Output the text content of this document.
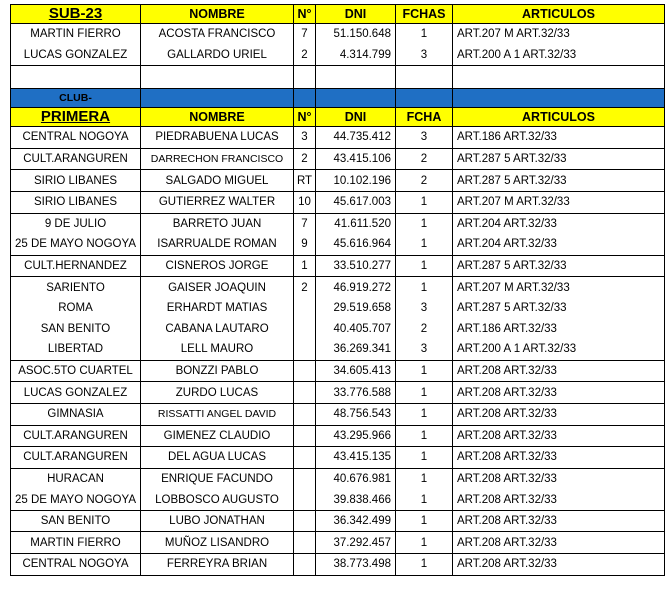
SUB-23	NOMBRE	N°	DNI	FCHAS	ARTICULOS
MARTIN FIERRO	ACOSTA FRANCISCO	7	51.150.648	1	ART.207 M ART.32/33
LUCAS GONZALEZ	GALLARDO URIEL	2	4.314.799	3	ART.200 A 1 ART.32/33

CLUB-					
PRIMERA	NOMBRE	N°	DNI	FCHA	ARTICULOS
CENTRAL NOGOYA	PIEDRABUENA LUCAS	3	44.735.412	3	ART.186 ART.32/33
CULT.ARANGUREN	DARRECHON FRANCISCO	2	43.415.106	2	ART.287 5 ART.32/33
SIRIO LIBANES	SALGADO MIGUEL	RT	10.102.196	2	ART.287 5 ART.32/33
SIRIO LIBANES	GUTIERREZ WALTER	10	45.617.003	1	ART.207 M ART.32/33
9 DE JULIO	BARRETO JUAN	7	41.611.520	1	ART.204 ART.32/33
25 DE MAYO NOGOYA	ISARRUALDE ROMAN	9	45.616.964	1	ART.204 ART.32/33
CULT.HERNANDEZ	CISNEROS JORGE	1	33.510.277	1	ART.287 5 ART.32/33
SARIENTO	GAISER JOAQUIN	2	46.919.272	1	ART.207 M ART.32/33
ROMA	ERHARDT MATIAS		29.519.658	3	ART.287 5 ART.32/33
SAN BENITO	CABANA LAUTARO		40.405.707	2	ART.186 ART.32/33
LIBERTAD	LELL MAURO		36.269.341	3	ART.200 A 1 ART.32/33
ASOC.5TO CUARTEL	BONZZI PABLO		34.605.413	1	ART.208 ART.32/33
LUCAS GONZALEZ	ZURDO LUCAS		33.776.588	1	ART.208 ART.32/33
GIMNASIA	RISSATTI ANGEL DAVID		48.756.543	1	ART.208 ART.32/33
CULT.ARANGUREN	GIMENEZ CLAUDIO		43.295.966	1	ART.208 ART.32/33
CULT.ARANGUREN	DEL AGUA LUCAS		43.415.135	1	ART.208 ART.32/33
HURACAN	ENRIQUE FACUNDO		40.676.981	1	ART.208 ART.32/33
25 DE MAYO NOGOYA	LOBBOSCO AUGUSTO		39.838.466	1	ART.208 ART.32/33
SAN BENITO	LUBO JONATHAN		36.342.499	1	ART.208 ART.32/33
MARTIN FIERRO	MUÑOZ LISANDRO		37.292.457	1	ART.208 ART.32/33
CENTRAL NOGOYA	FERREYRA BRIAN		38.773.498	1	ART.208 ART.32/33
